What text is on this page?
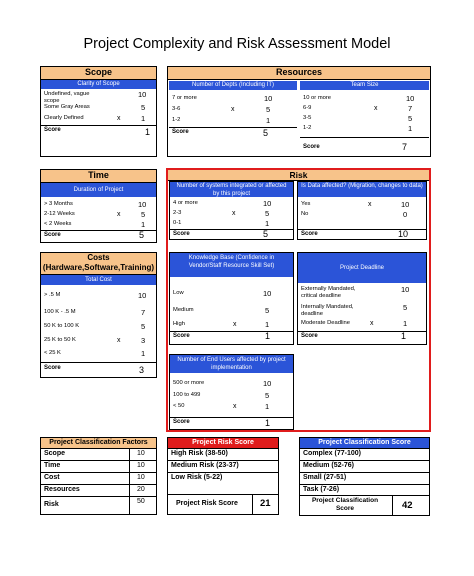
Project Complexity and Risk Assessment Model
Scope
Clarity of Scope
Undefined, vague scope
10
Some Gray Areas	5
Clearly Defined	x	1
Score	1
Resources
Number of Depts (Including IT)
7 or more	10
3-6	x	5
1-2	1
Score	5
Team Size
10 or more	10
6-9	x	7
3-5	5
1-2	1
Score	7
Time
Duration of Project
> 3 Months	10
2-12 Weeks	x	5
< 2 Weeks	1
Score	5
Costs
(Hardware,Software,Training)
Total Cost
> .5 M	10
100 K - .5 M	7
50 K to 100 K	5
25 K to 50 K	x	3
< 25 K	1
Score	3
Risk
Number of systems integrated or affected by this project
4 or more	10
2-3	x	5
0-1	1
Score	5
Is Data affected? (Migration, changes to data)
Yes	x	10
No	0
Score	10
Knowledge Base (Confidence in Vendor/Staff Resource Skill Set)
Low	10
Medium	5
High	x	1
Score	1
Project Deadline
Externally Mandated, critical deadline
10
Internally Mandated, deadline
5
Moderate Deadline	x	1
Score	1
Number of End Users affected by project implementation
500 or more	10
100 to 499	5
< 50	x	1
Score	1
Project Classification Factors
Scope	10
Time	10
Cost	10
Resources	20
Risk	50
Project Risk Score
High Risk (38-50)
Medium Risk (23-37)
Low Risk (5-22)
Project Risk Score 21
Project Classification Score
Complex (77-100)
Medium (52-76)
Small (27-51)
Task (7-26)
Project Classification Score	42
